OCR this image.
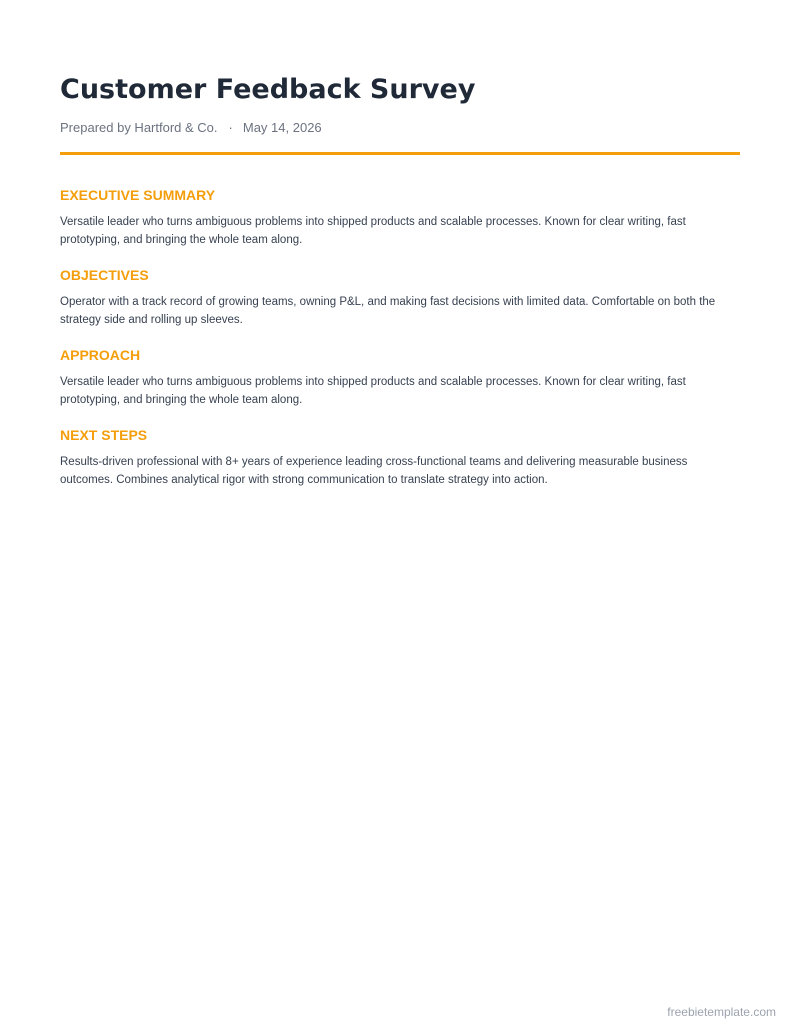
Customer Feedback Survey
Prepared by Hartford & Co. · May 14, 2026
EXECUTIVE SUMMARY

Versatile leader who turns ambiguous problems into shipped products and scalable processes. Known for clear writing, fast prototyping, and bringing the whole team along.

OBJECTIVES

Operator with a track record of growing teams, owning P&L, and making fast decisions with limited data. Comfortable on both the strategy side and rolling up sleeves.

APPROACH

Versatile leader who turns ambiguous problems into shipped products and scalable processes. Known for clear writing, fast prototyping, and bringing the whole team along.

NEXT STEPS

Results-driven professional with 8+ years of experience leading cross-functional teams and delivering measurable business outcomes. Combines analytical rigor with strong communication to translate strategy into action.

freebietemplate.com
